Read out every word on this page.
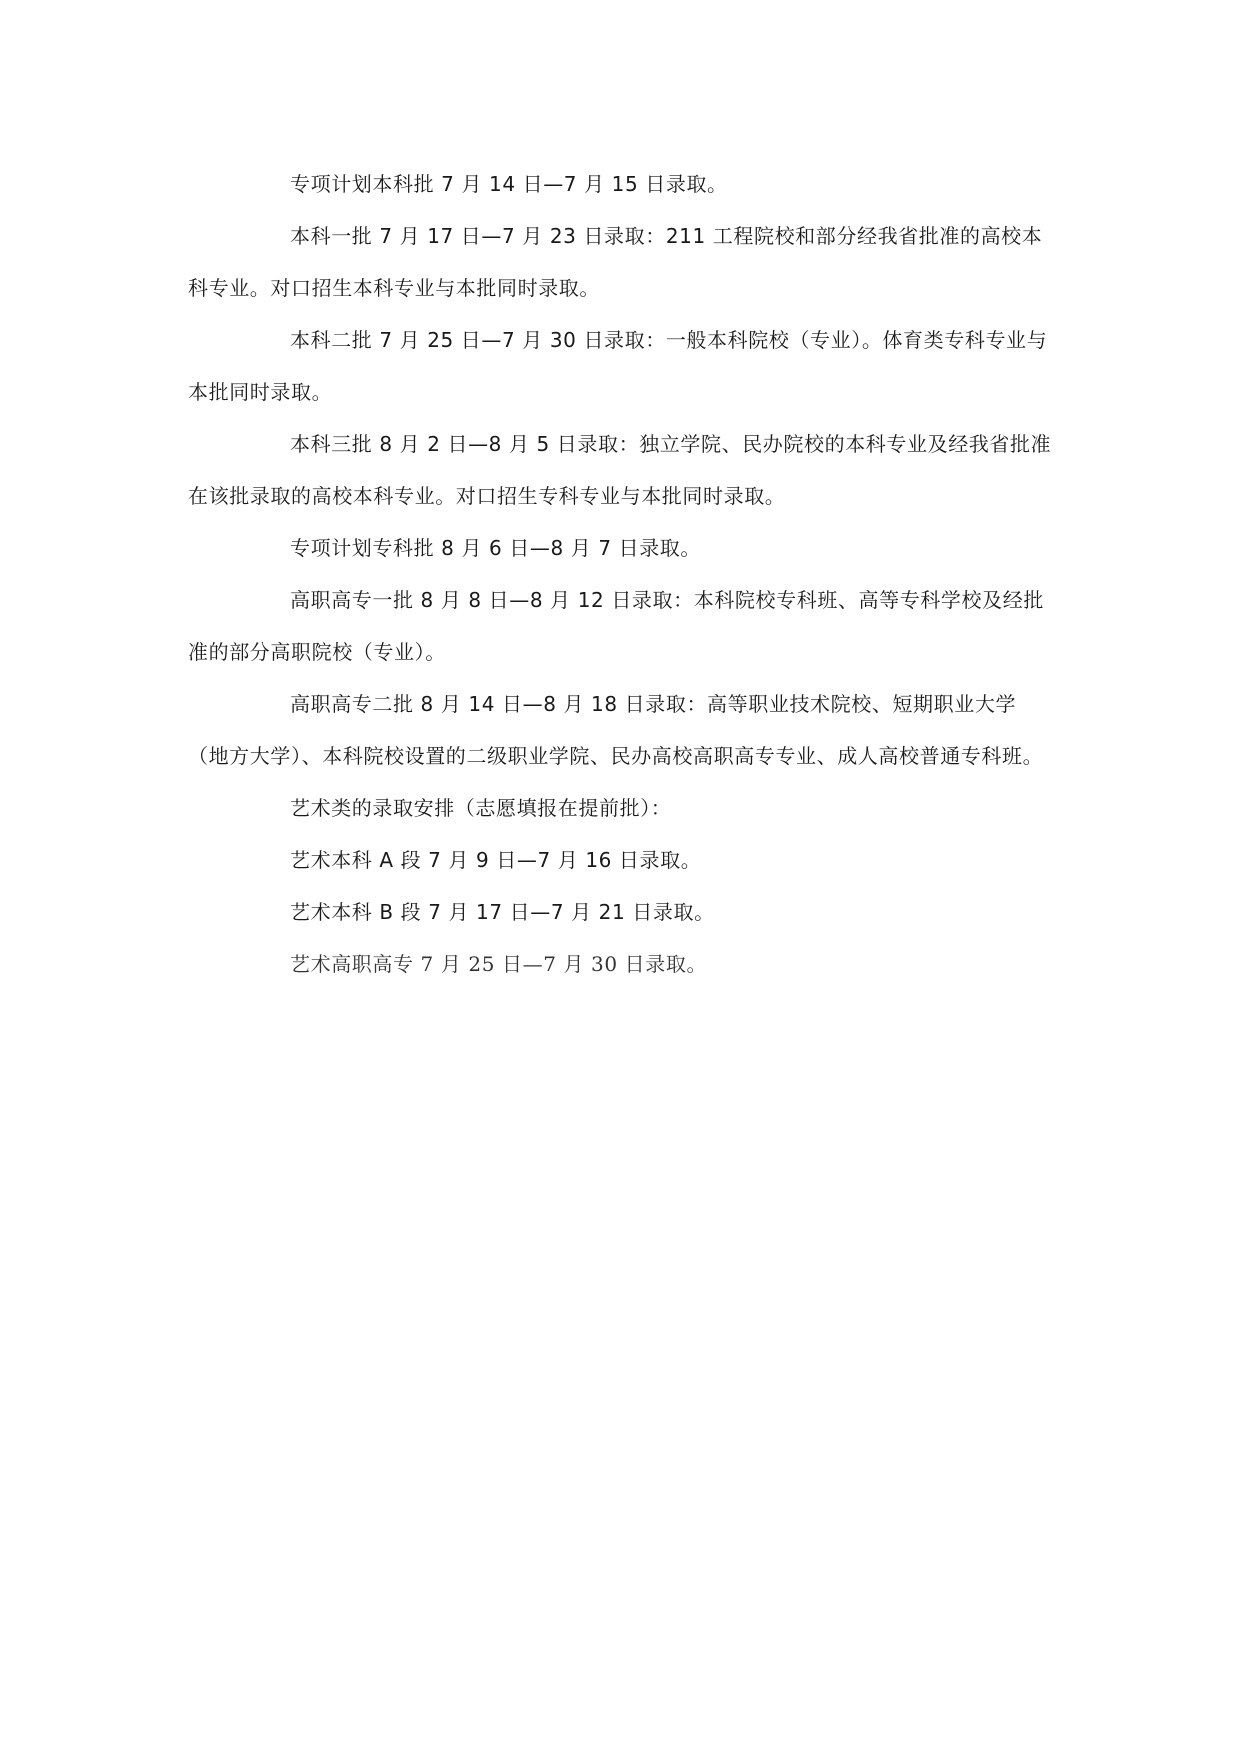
专项计划本科批 7 月 14 日—7 月 15 日录取。

本科一批 7 月 17 日—7 月 23 日录取：211 工程院校和部分经我省批准的高校本科专业。对口招生本科专业与本批同时录取。

本科二批 7 月 25 日—7 月 30 日录取：一般本科院校（专业）。体育类专科专业与本批同时录取。

本科三批 8 月 2 日—8 月 5 日录取：独立学院、民办院校的本科专业及经我省批准在该批录取的高校本科专业。对口招生专科专业与本批同时录取。

专项计划专科批 8 月 6 日—8 月 7 日录取。

高职高专一批 8 月 8 日—8 月 12 日录取：本科院校专科班、高等专科学校及经批准的部分高职院校（专业）。

高职高专二批 8 月 14 日—8 月 18 日录取：高等职业技术院校、短期职业大学（地方大学）、本科院校设置的二级职业学院、民办高校高职高专专业、成人高校普通专科班。

艺术类的录取安排（志愿填报在提前批）：

艺术本科 A 段 7 月 9 日—7 月 16 日录取。

艺术本科 B 段 7 月 17 日—7 月 21 日录取。

艺术高职高专 7 月 25 日—7 月 30 日录取。
